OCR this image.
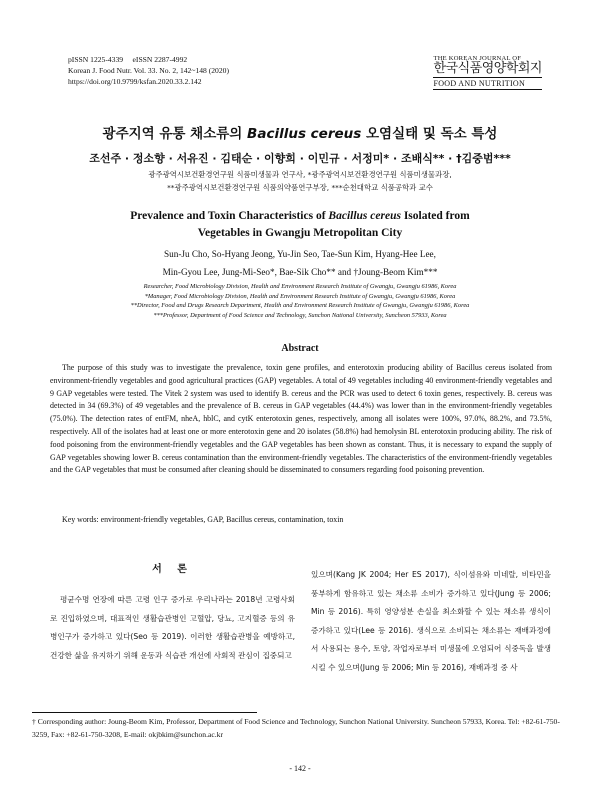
pISSN 1225-4339     eISSN 2287-4992
Korean J. Food Nutr. Vol. 33. No. 2, 142~148 (2020)
https://doi.org/10.9799/ksfan.2020.33.2.142
THE KOREAN JOURNAL OF
한국식품영양학회지
FOOD AND NUTRITION
광주지역 유통 채소류의 Bacillus cereus 오염실태 및 독소 특성
조선주 · 정소향 · 서유진 · 김태순 · 이향희 · 이민규 · 서정미* · 조배식** · †김중범***
광주광역시보건환경연구원 식품미생물과 연구사, *광주광역시보건환경연구원 식품미생물과장,
**광주광역시보건환경연구원 식품의약품연구부장, ***순천대학교 식품공학과 교수
Prevalence and Toxin Characteristics of Bacillus cereus Isolated from
Vegetables in Gwangju Metropolitan City
Sun-Ju Cho, So-Hyang Jeong, Yu-Jin Seo, Tae-Sun Kim, Hyang-Hee Lee,
Min-Gyou Lee, Jung-Mi-Seo*, Bae-Sik Cho** and †Joung-Beom Kim***
Researcher, Food Microbiology Division, Health and Environment Research Institute of Gwangju, Gwangju 61986, Korea
*Manager, Food Microbiology Division, Health and Environment Research Institute of Gwangju, Gwangju 61986, Korea
**Director, Food and Drugs Research Department, Health and Environment Research Institute of Gwangju, Gwangju 61986, Korea
***Professor, Department of Food Science and Technology, Sunchon National University, Suncheon 57933, Korea
Abstract
The purpose of this study was to investigate the prevalence, toxin gene profiles, and enterotoxin producing ability of Bacillus cereus isolated from environment-friendly vegetables and good agricultural practices (GAP) vegetables. A total of 49 vegetables including 40 environment-friendly vegetables and 9 GAP vegetables were tested. The Vitek 2 system was used to identify B. cereus and the PCR was used to detect 6 toxin genes, respectively. B. cereus was detected in 34 (69.3%) of 49 vegetables and the prevalence of B. cereus in GAP vegetables (44.4%) was lower than in the environment-friendly vegetables (75.0%). The detection rates of entFM, nheA, hblC, and cytK enterotoxin genes, respectively, among all isolates were 100%, 97.0%, 88.2%, and 73.5%, respectively. All of the isolates had at least one or more enterotoxin gene and 20 isolates (58.8%) had hemolysin BL enterotoxin producing ability. The risk of food poisoning from the environment-friendly vegetables and the GAP vegetables has been shown as constant. Thus, it is necessary to expand the supply of GAP vegetables showing lower B. cereus contamination than the environment-friendly vegetables. The characteristics of the environment-friendly vegetables and the GAP vegetables that must be consumed after cleaning should be disseminated to consumers regarding food poisoning prevention.
Key words: environment-friendly vegetables, GAP, Bacillus cereus, contamination, toxin
서 론
평균수명 연장에 따른 고령 인구 증가로 우리나라는 2018년 고령사회로 진입하였으며, 대표적인 생활습관병인 고혈압, 당뇨, 고지혈증 등의 유병인구가 증가하고 있다(Seo 등 2019). 이러한 생활습관병을 예방하고, 건강한 삶을 유지하기 위해 운동과 식습관 개선에 사회적 관심이 집중되고
있으며(Kang JK 2004; Her ES 2017), 식이섬유와 미네랄, 비타민을 풍부하게 함유하고 있는 채소류 소비가 증가하고 있다(Jung 등 2006; Min 등 2016). 특히 영양성분 손실을 최소화할 수 있는 채소류 생식이 증가하고 있다(Lee 등 2016). 생식으로 소비되는 채소류는 재배과정에서 사용되는 용수, 토양, 작업자로부터 미생물에 오염되어 식중독을 발생시킬 수 있으며(Jung 등 2006; Min 등 2016), 재배과정 중 사
† Corresponding author: Joung-Beom Kim, Professor, Department of Food Science and Technology, Sunchon National University. Suncheon 57933, Korea. Tel: +82-61-750-3259, Fax: +82-61-750-3208, E-mail: okjbkim@sunchon.ac.kr
- 142 -
